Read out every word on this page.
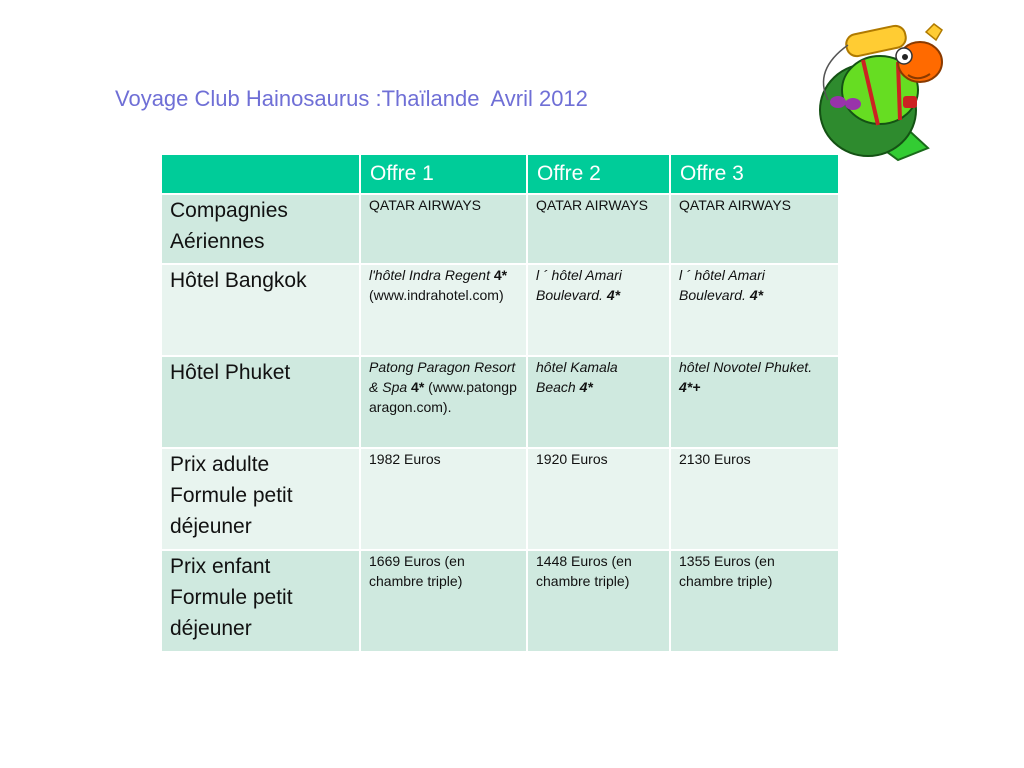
Voyage Club Hainosaurus :Thaïlande  Avril 2012
	Offre 1	Offre 2	Offre 3
Compagnies Aériennes	QATAR AIRWAYS	QATAR AIRWAYS	QATAR AIRWAYS
Hôtel Bangkok	l'hôtel Indra Regent 4* (www.indrahotel.com)	l ´ hôtel Amari Boulevard. 4*	l ´ hôtel Amari Boulevard. 4*
Hôtel Phuket	Patong Paragon Resort & Spa 4* (www.patongparagon.com).	hôtel Kamala Beach 4*	hôtel Novotel Phuket. 4*+
Prix adulte Formule petit déjeuner	1982 Euros	1920 Euros	2130 Euros
Prix enfant Formule petit déjeuner	1669 Euros (en chambre triple)	1448 Euros (en chambre triple)	1355 Euros (en chambre triple)
